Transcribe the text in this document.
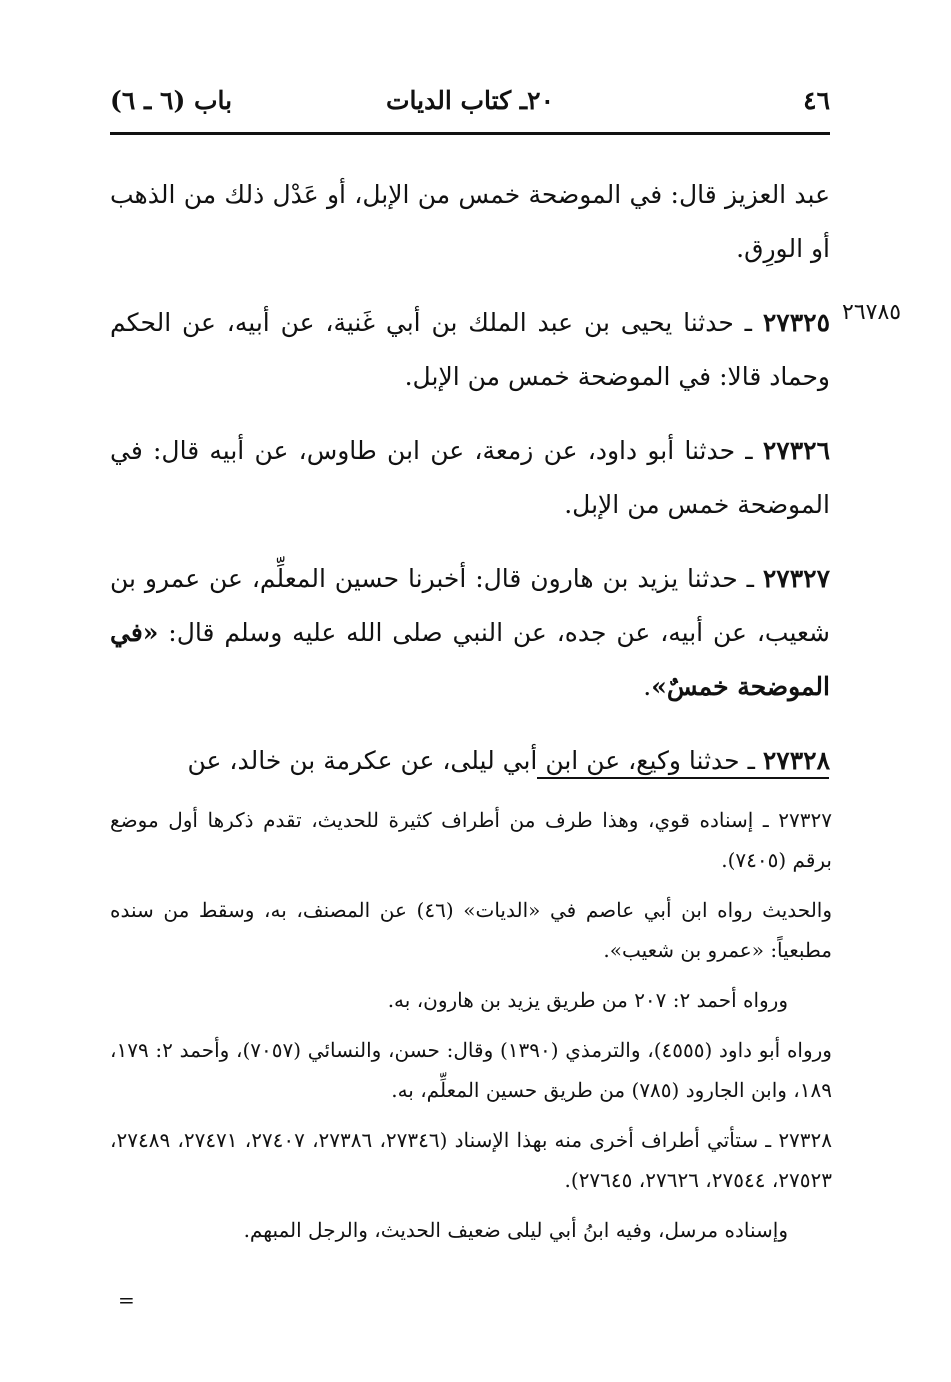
٤٦
٢٠ـ كتاب الديات
باب (٦ ـ ٦)
٢٦٧٨٥

عبد العزيز قال: في الموضحة خمس من الإبل، أو عَدْل ذلك من الذهب أو الورِق.

٢٧٣٢٥ ـ حدثنا يحيى بن عبد الملك بن أبي غَنية، عن أبيه، عن الحكم وحماد قالا: في الموضحة خمس من الإبل.

٢٧٣٢٦ ـ حدثنا أبو داود، عن زمعة، عن ابن طاوس، عن أبيه قال: في الموضحة خمس من الإبل.

٢٧٣٢٧ ـ حدثنا يزيد بن هارون قال: أخبرنا حسين المعلِّم، عن عمرو بن شعيب، عن أبيه، عن جده، عن النبي صلى الله عليه وسلم قال: «في الموضحة خمسٌ».

٢٧٣٢٨ ـ حدثنا وكيع، عن ابن أبي ليلى، عن عكرمة بن خالد، عن

٢٧٣٢٧ ـ إسناده قوي، وهذا طرف من أطراف كثيرة للحديث، تقدم ذكرها أول موضع برقم (٧٤٠٥).

والحديث رواه ابن أبي عاصم في «الديات» (٤٦) عن المصنف، به، وسقط من سنده مطبعياً: «عمرو بن شعيب».

ورواه أحمد ٢: ٢٠٧ من طريق يزيد بن هارون، به.

ورواه أبو داود (٤٥٥٥)، والترمذي (١٣٩٠) وقال: حسن، والنسائي (٧٠٥٧)، وأحمد ٢: ١٧٩، ١٨٩، وابن الجارود (٧٨٥) من طريق حسين المعلِّم، به.

٢٧٣٢٨ ـ ستأتي أطراف أخرى منه بهذا الإسناد (٢٧٣٤٦، ٢٧٣٨٦، ٢٧٤٠٧، ٢٧٤٧١، ٢٧٤٨٩، ٢٧٥٢٣، ٢٧٥٤٤، ٢٧٦٢٦، ٢٧٦٤٥).

وإسناده مرسل، وفيه ابنُ أبي ليلى ضعيف الحديث، والرجل المبهم.

=
